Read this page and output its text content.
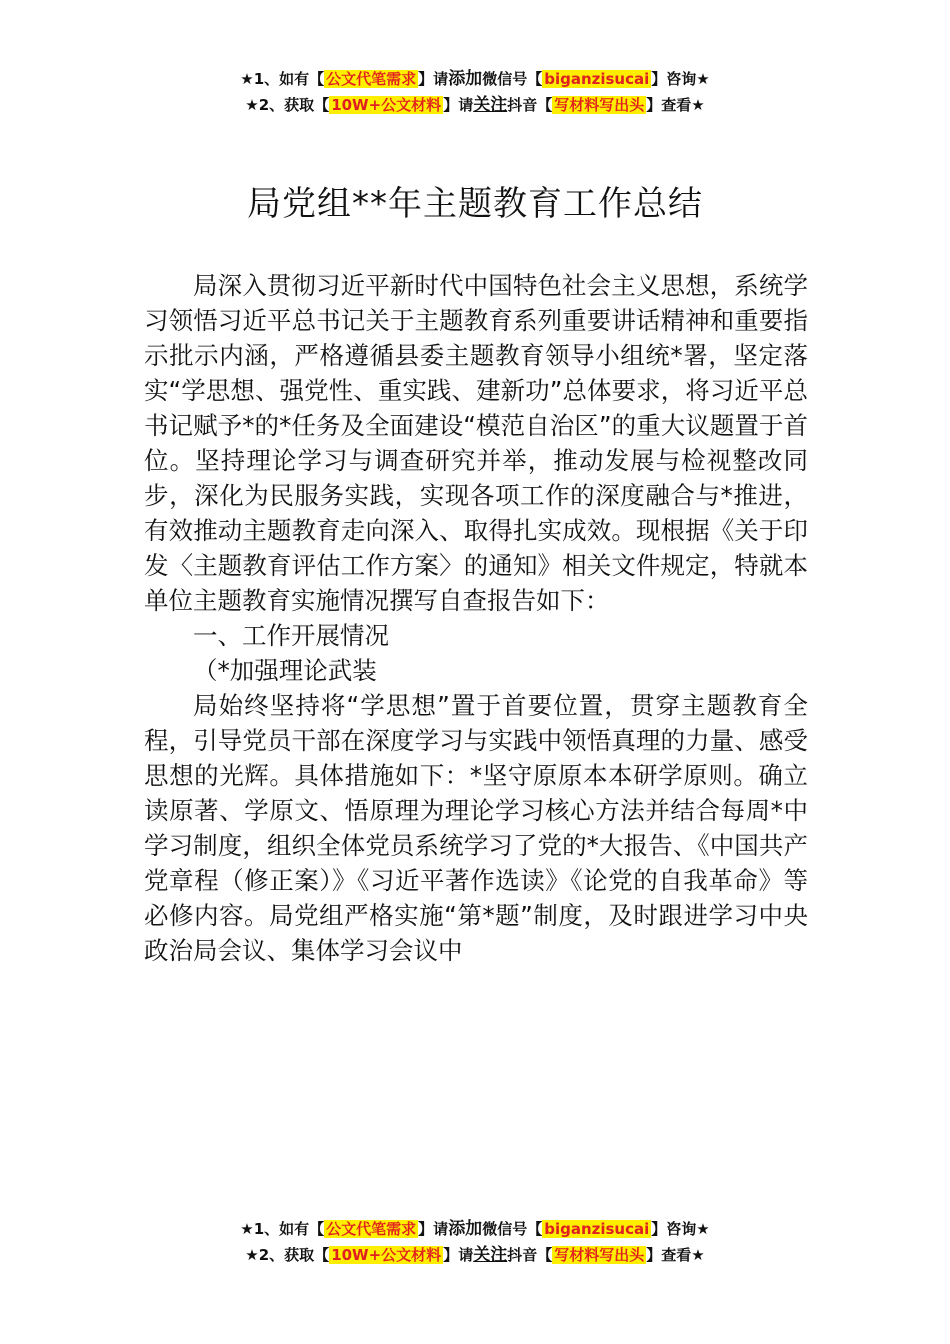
★1、如有【 公文代笔需求 】请添加微信号【 biganzisucai 】咨询★
★2、获取【 10W+公文材料 】请关注抖音【 写材料写出头 】查看★
局党组**年主题教育工作总结

局深入贯彻习近平新时代中国特色社会主义思想，系统学习领悟习近平总书记关于主题教育系列重要讲话精神和重要指示批示内涵，严格遵循县委主题教育领导小组统*署，坚定落实“学思想、强党性、重实践、建新功”总体要求，将习近平总书记赋予*的*任务及全面建设“模范自治区”的重大议题置于首位。坚持理论学习与调查研究并举，推动发展与检视整改同步，深化为民服务实践，实现各项工作的深度融合与*推进，有效推动主题教育走向深入、取得扎实成效。现根据《关于印发〈主题教育评估工作方案〉的通知》相关文件规定，特就本单位主题教育实施情况撰写自查报告如下：

一、工作开展情况

（*加强理论武装

局始终坚持将“学思想”置于首要位置，贯穿主题教育全程，引导党员干部在深度学习与实践中领悟真理的力量、感受思想的光辉。具体措施如下：*坚守原原本本研学原则。确立读原著、学原文、悟原理为理论学习核心方法并结合每周*中学习制度，组织全体党员系统学习了党的*大报告、《中国共产党章程（修正案）》《习近平著作选读》《论党的自我革命》等必修内容。局党组严格实施“第*题”制度，及时跟进学习中央政治局会议、集体学习会议中

★1、如有【 公文代笔需求 】请添加微信号【 biganzisucai 】咨询★
★2、获取【 10W+公文材料 】请关注抖音【 写材料写出头 】查看★
